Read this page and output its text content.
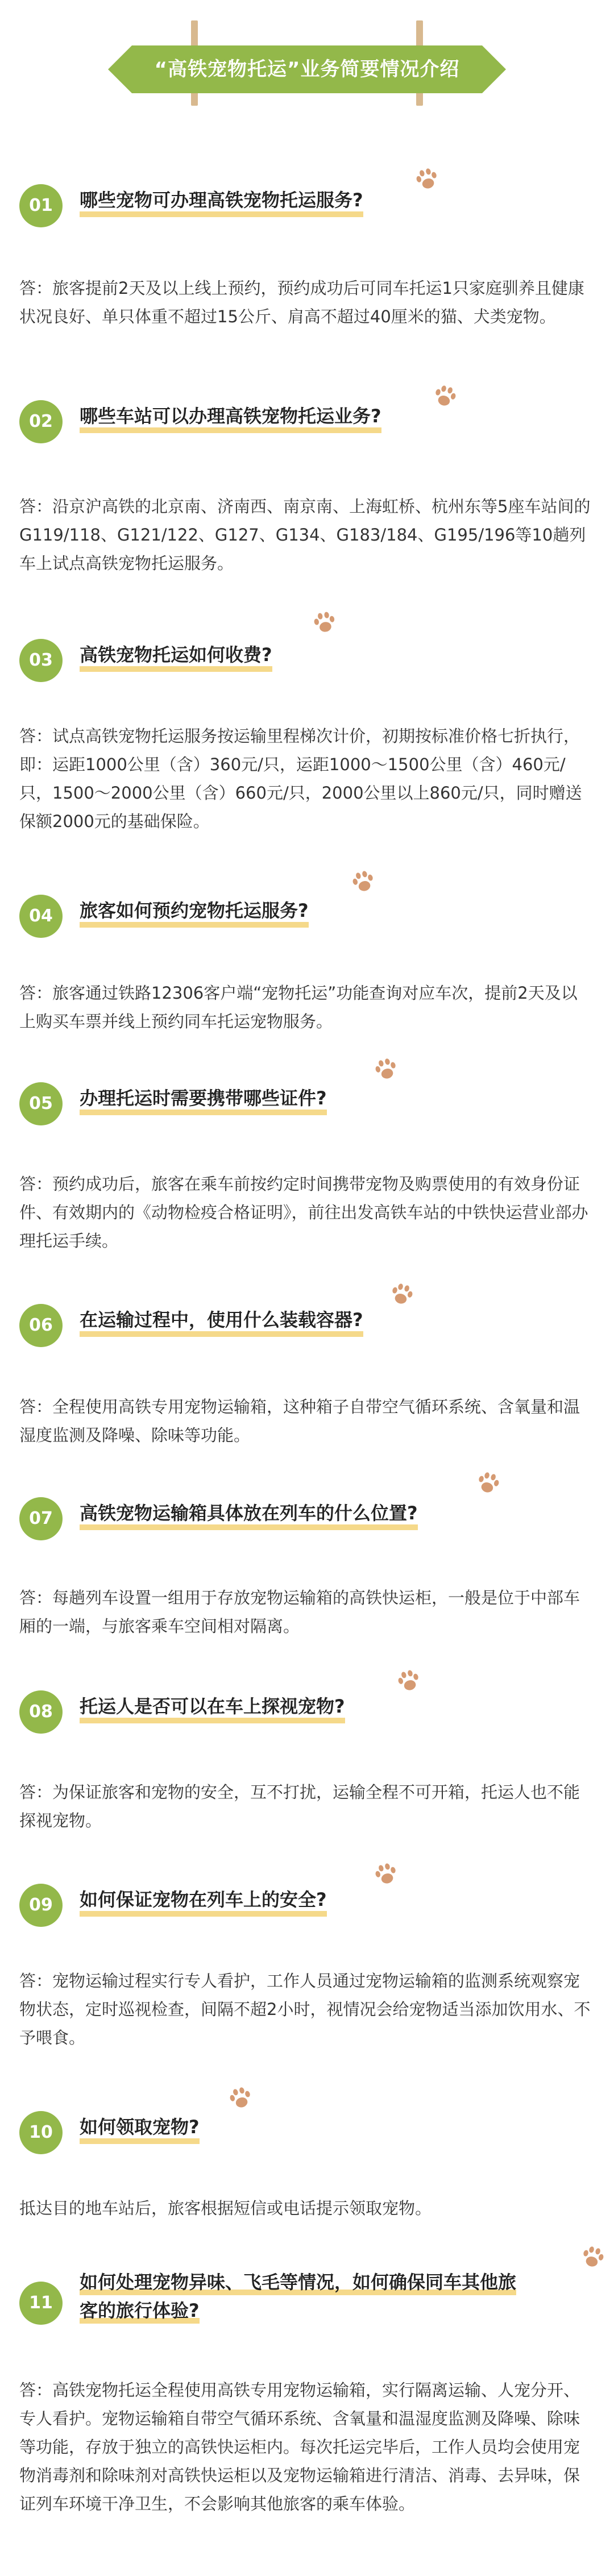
“高铁宠物托运”业务简要情况介绍
01	哪些宠物可办理高铁宠物托运服务?
答：旅客提前2天及以上线上预约，预约成功后可同车托运1只家庭驯养且健康状况良好、单只体重不超过15公斤、肩高不超过40厘米的猫、犬类宠物。
02	哪些车站可以办理高铁宠物托运业务?
答：沿京沪高铁的北京南、济南西、南京南、上海虹桥、杭州东等5座车站间的G119/118、G121/122、G127、G134、G183/184、G195/196等10趟列车上试点高铁宠物托运服务。
03	高铁宠物托运如何收费?
答：试点高铁宠物托运服务按运输里程梯次计价，初期按标准价格七折执行，即：运距1000公里（含）360元/只，运距1000～1500公里（含）460元/只，1500～2000公里（含）660元/只，2000公里以上860元/只，同时赠送保额2000元的基础保险。
04	旅客如何预约宠物托运服务?
答：旅客通过铁路12306客户端“宠物托运”功能查询对应车次，提前2天及以上购买车票并线上预约同车托运宠物服务。
05	办理托运时需要携带哪些证件?
答：预约成功后，旅客在乘车前按约定时间携带宠物及购票使用的有效身份证件、有效期内的《动物检疫合格证明》，前往出发高铁车站的中铁快运营业部办理托运手续。
06	在运输过程中，使用什么装载容器?
答：全程使用高铁专用宠物运输箱，这种箱子自带空气循环系统、含氧量和温湿度监测及降噪、除味等功能。
07	高铁宠物运输箱具体放在列车的什么位置?
答：每趟列车设置一组用于存放宠物运输箱的高铁快运柜，一般是位于中部车厢的一端，与旅客乘车空间相对隔离。
08	托运人是否可以在车上探视宠物?
答：为保证旅客和宠物的安全，互不打扰，运输全程不可开箱，托运人也不能探视宠物。
09	如何保证宠物在列车上的安全?
答：宠物运输过程实行专人看护，工作人员通过宠物运输箱的监测系统观察宠物状态，定时巡视检查，间隔不超2小时，视情况会给宠物适当添加饮用水、不予喂食。
10	如何领取宠物?
抵达目的地车站后，旅客根据短信或电话提示领取宠物。
11
如何处理宠物异味、飞毛等情况，如何确保同车其他旅
客的旅行体验?
答：高铁宠物托运全程使用高铁专用宠物运输箱，实行隔离运输、人宠分开、专人看护。宠物运输箱自带空气循环系统、含氧量和温湿度监测及降噪、除味等功能，存放于独立的高铁快运柜内。每次托运完毕后，工作人员均会使用宠物消毒剂和除味剂对高铁快运柜以及宠物运输箱进行清洁、消毒、去异味，保证列车环境干净卫生，不会影响其他旅客的乘车体验。
